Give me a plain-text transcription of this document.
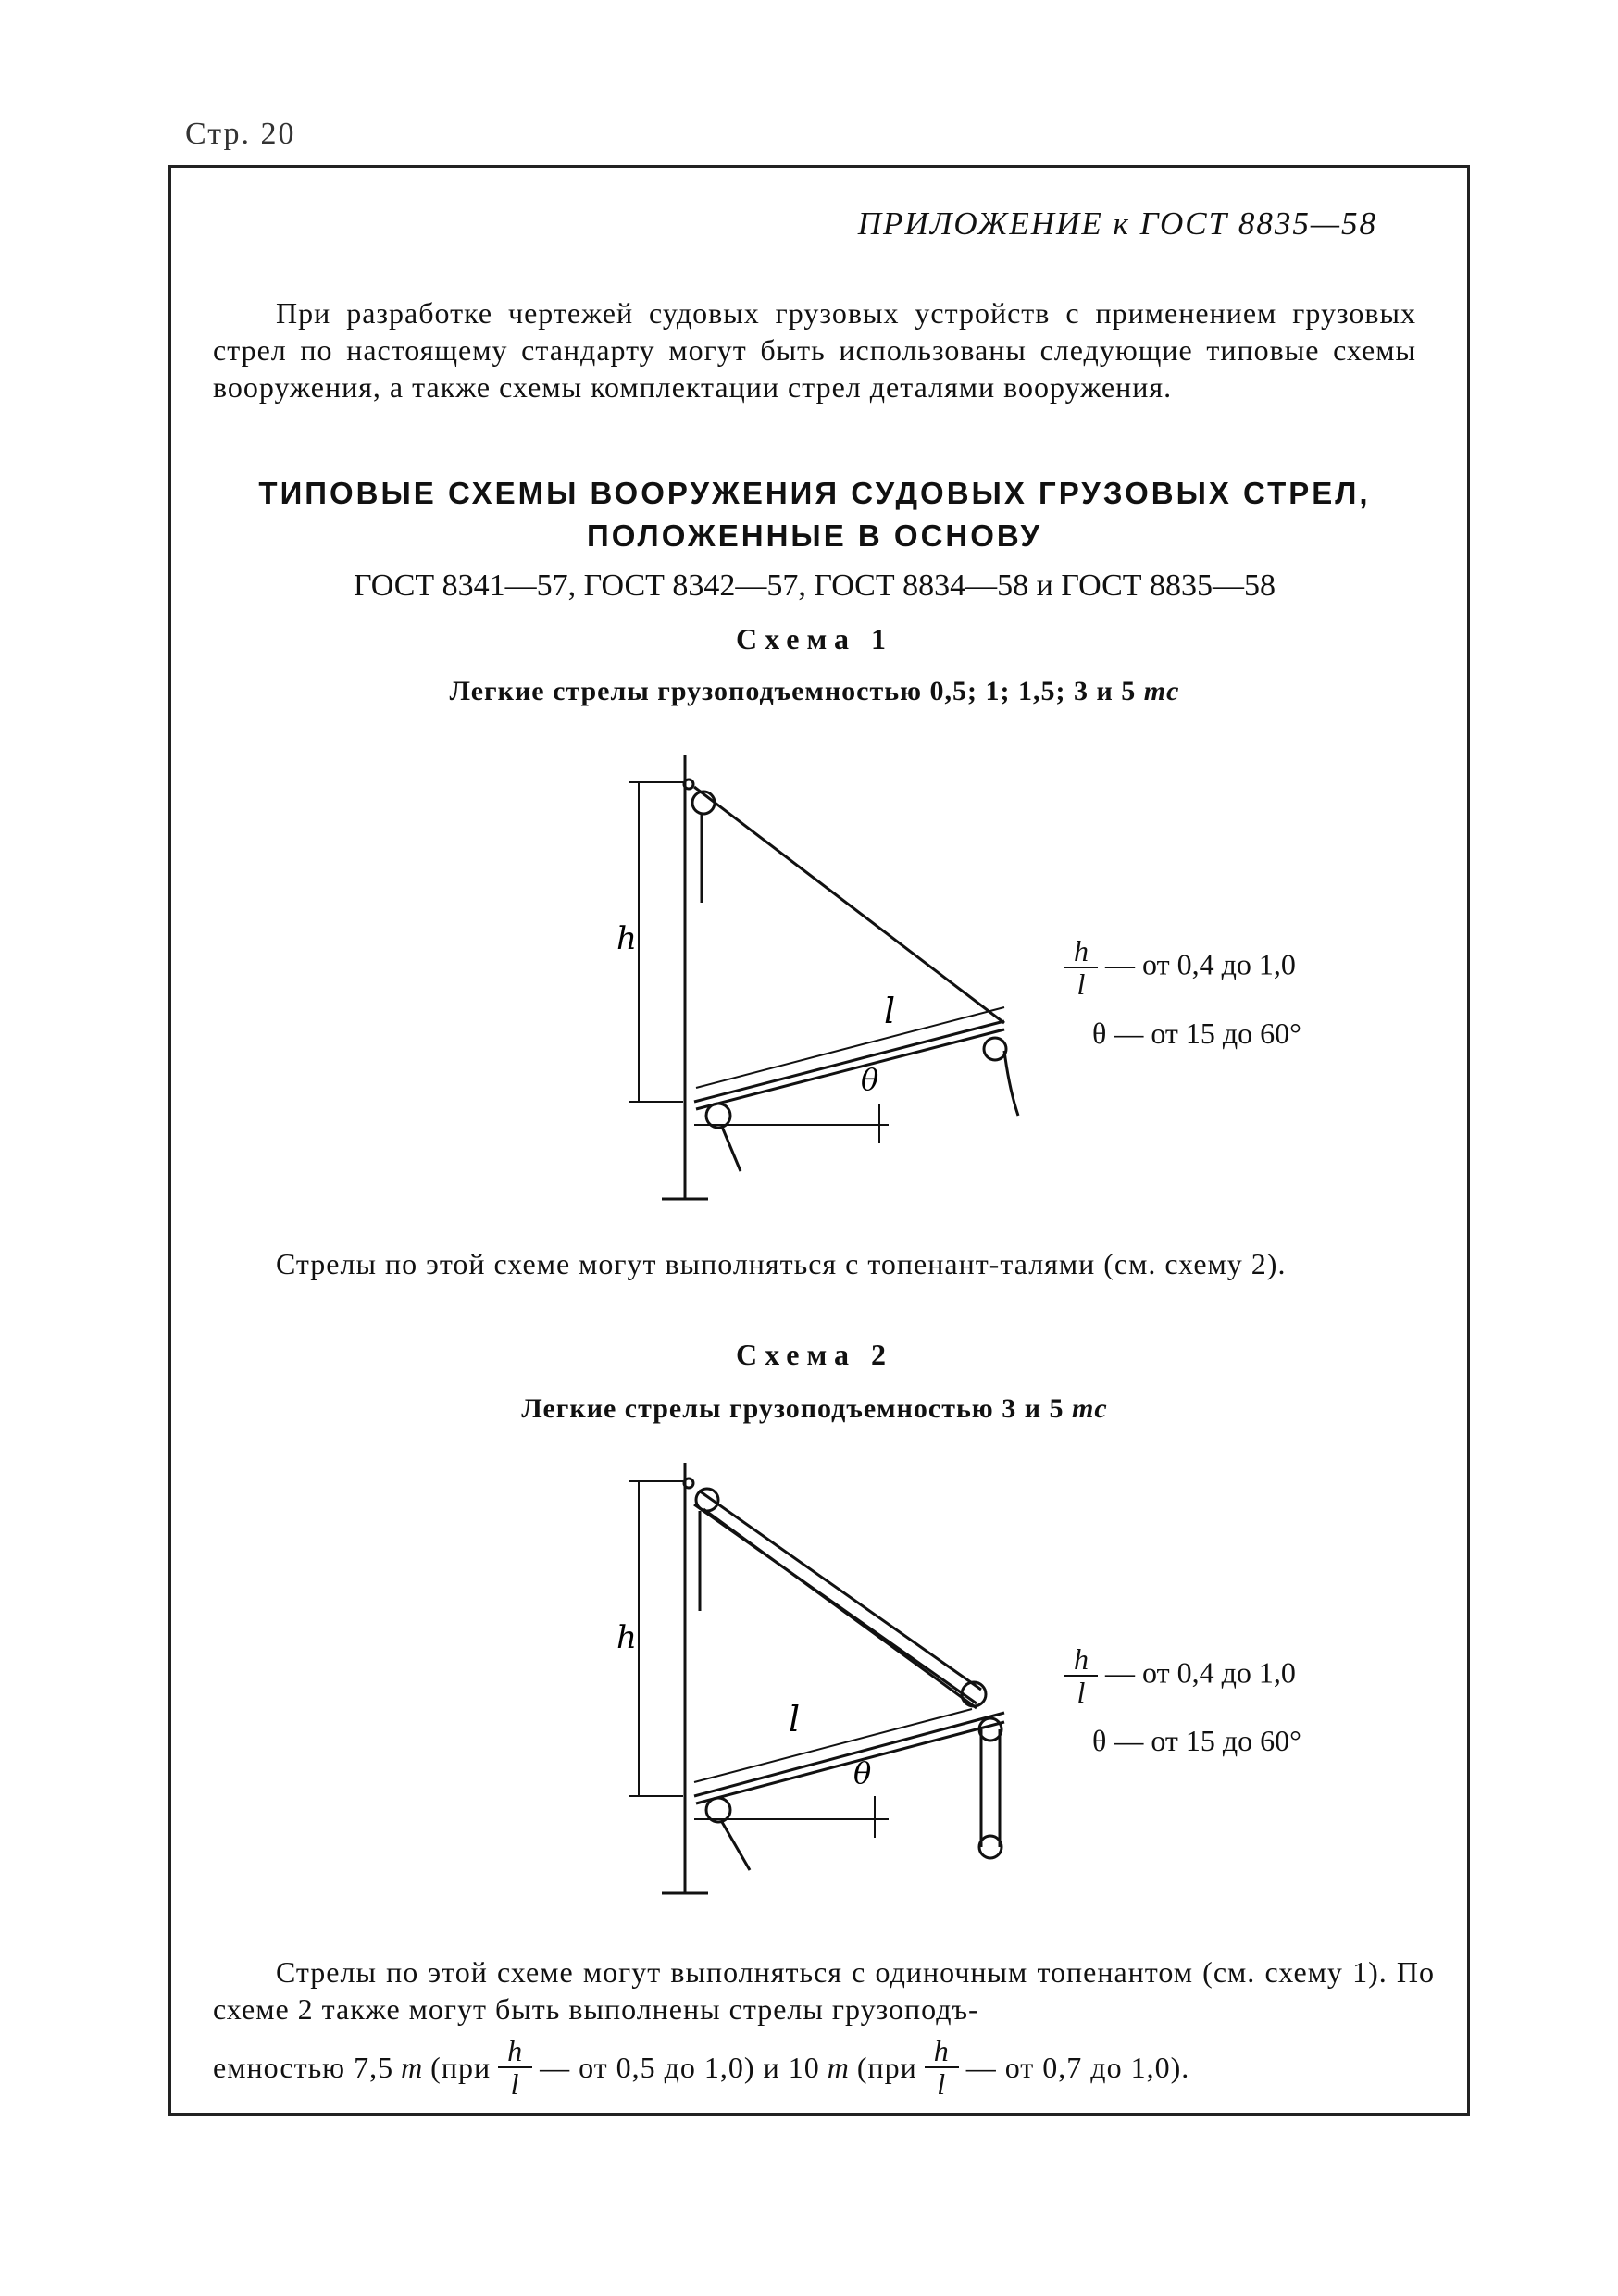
Стр. 20
ПРИЛОЖЕНИЕ к ГОСТ 8835—58

При разработке чертежей судовых грузовых устройств с применением грузовых стрел по настоящему стандарту могут быть использованы следующие типовые схемы вооружения, а также схемы комплектации стрел деталями вооружения.

ТИПОВЫЕ СХЕМЫ ВООРУЖЕНИЯ СУДОВЫХ ГРУЗОВЫХ СТРЕЛ,
ПОЛОЖЕННЫЕ В ОСНОВУ
ГОСТ 8341—57, ГОСТ 8342—57, ГОСТ 8834—58 и ГОСТ 8835—58
Схема 1
Легкие стрелы грузоподъемностью 0,5; 1; 1,5; 3 и 5 тс
h
l
θ
$\frac{h}{l}$ — от 0,4 до 1,0
θ — от 15 до 60°

Стрелы по этой схеме могут выполняться с топенант-талями (см. схему 2).

Схема 2
Легкие стрелы грузоподъемностью 3 и 5 тс
h
l
θ
$\frac{h}{l}$ — от 0,4 до 1,0
θ — от 15 до 60°
Стрелы по этой схеме могут выполняться с одиночным топенантом (см. схему 1). По схеме 2 также могут быть выполнены стрелы грузоподъ-
емностью 7,5 т ($при \frac{h}{l}$ — от 0,5 до 1,0) и 10 т ($при \frac{h}{l}$ — от 0,7 до 1,0).
